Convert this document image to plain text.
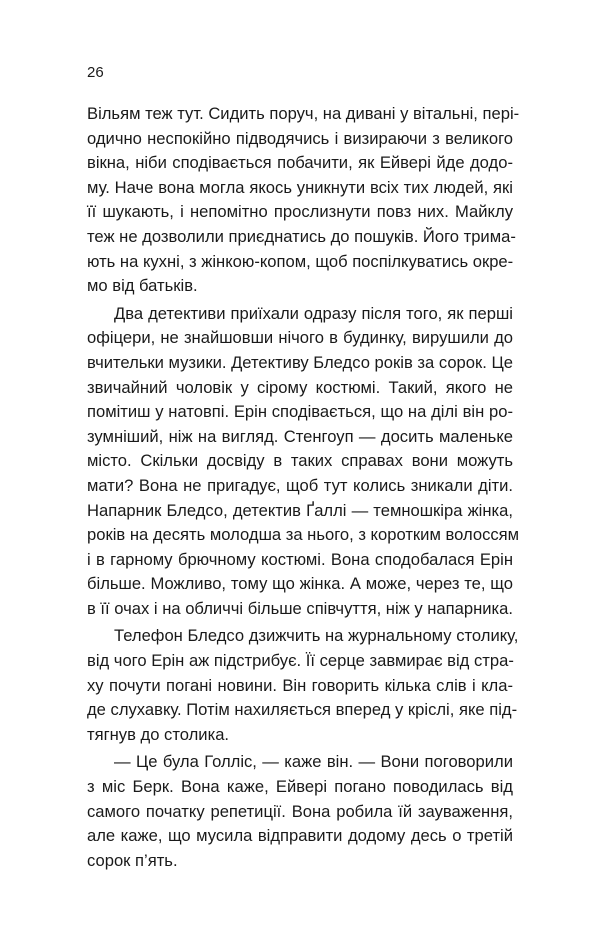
26

Вільям теж тут. Сидить поруч, на дивані у вітальні, пері-
одично неспокійно підводячись і визираючи з великого
вікна, ніби сподівається побачити, як Ейвері йде додо-
му. Наче вона могла якось уникнути всіх тих людей, які
її шукають, і непомітно прослизнути повз них. Майклу
теж не дозволили приєднатись до пошуків. Його трима-
ють на кухні, з жінкою-копом, щоб поспілкуватись окре-
мо від батьків.
Два детективи приїхали одразу після того, як перші
офіцери, не знайшовши нічого в будинку, вирушили до
вчительки музики. Детективу Бледсо років за сорок. Це
звичайний чоловік у сірому костюмі. Такий, якого не
помітиш у натовпі. Ерін сподівається, що на ділі він ро-
зумніший, ніж на вигляд. Стенгоуп — досить маленьке
місто. Скільки досвіду в таких справах вони можуть
мати? Вона не пригадує, щоб тут колись зникали діти.
Напарник Бледсо, детектив Ґаллі — темношкіра жінка,
років на десять молодша за нього, з коротким волоссям
і в гарному брючному костюмі. Вона сподобалася Ерін
більше. Можливо, тому що жінка. А може, через те, що
в її очах і на обличчі більше співчуття, ніж у напарника.
Телефон Бледсо дзижчить на журнальному столику,
від чого Ерін аж підстрибує. Її серце завмирає від стра-
ху почути погані новини. Він говорить кілька слів і кла-
де слухавку. Потім нахиляється вперед у кріслі, яке під-
тягнув до столика.
— Це була Голліс, — каже він. — Вони поговорили
з міс Берк. Вона каже, Ейвері погано поводилась від
самого початку репетиції. Вона робила їй зауваження,
але каже, що мусила відправити додому десь о третій
сорок п’ять.
